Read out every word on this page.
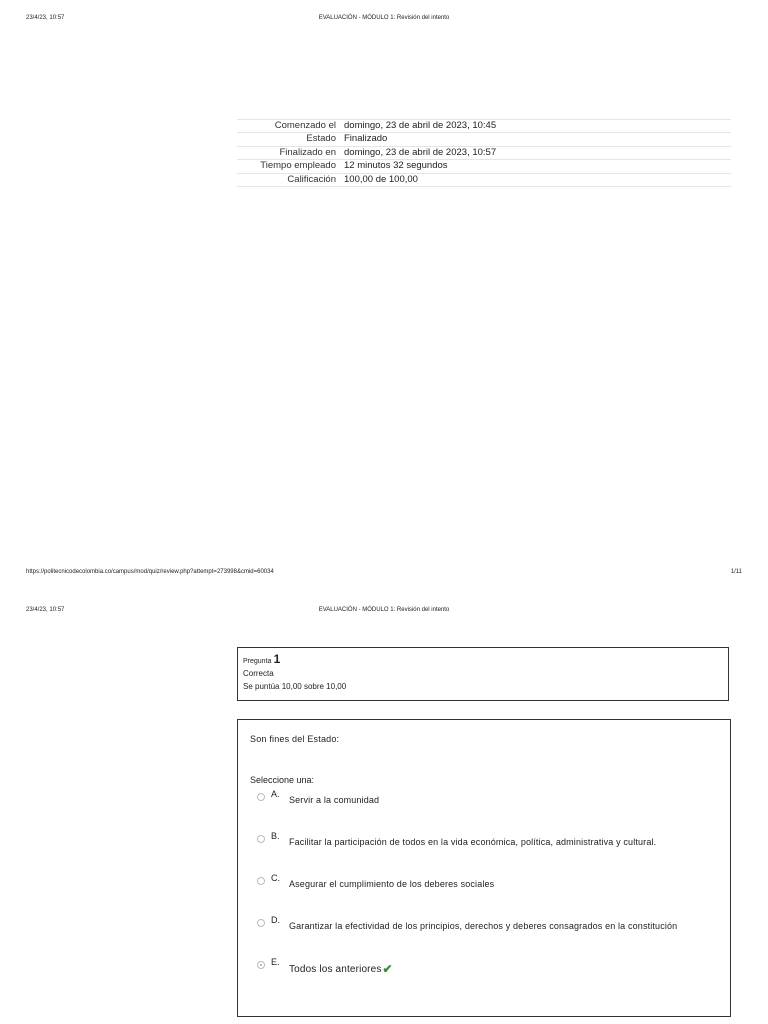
23/4/23, 10:57	EVALUACIÓN - MÓDULO 1: Revisión del intento
Comenzado el	domingo, 23 de abril de 2023, 10:45
Estado	Finalizado
Finalizado en	domingo, 23 de abril de 2023, 10:57
Tiempo empleado	12 minutos 32 segundos
Calificación	100,00 de 100,00
https://politecnicodecolombia.co/campus/mod/quiz/review.php?attempt=273998&cmid=60034	1/11
23/4/23, 10:57	EVALUACIÓN - MÓDULO 1: Revisión del intento
Pregunta 1
Correcta
Se puntúa 10,00 sobre 10,00
Son fines del Estado:
Seleccione una:
A.
Servir a la comunidad
B.
Facilitar la participación de todos en la vida económica, política, administrativa y cultural.
C.
Asegurar el cumplimiento de los deberes sociales
D.
Garantizar la efectividad de los principios, derechos y deberes consagrados en la constitución
E.
Todos los anteriores✔
